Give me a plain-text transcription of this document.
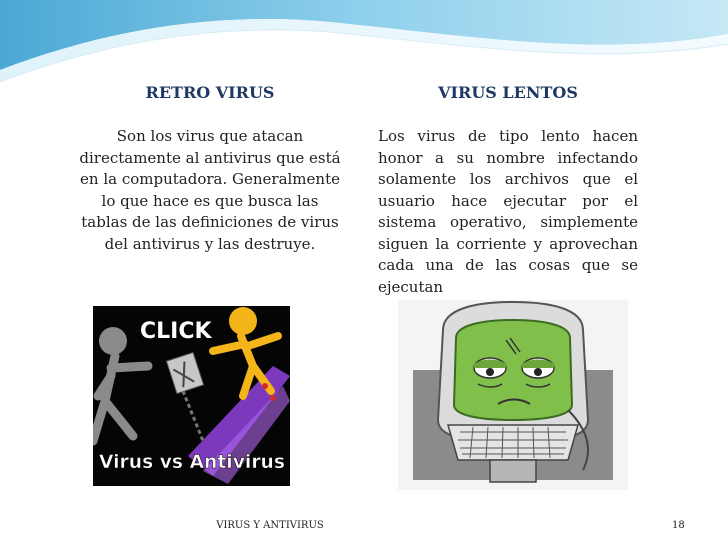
RETRO VIRUS	VIRUS LENTOS

Son los virus que atacan directamente al antivirus que está en la computadora. Generalmente lo que hace es que busca las tablas de las definiciones de virus del antivirus y las destruye.

Los virus de tipo lento hacen honor a su nombre infectando solamente los archivos que el usuario hace ejecutar por el sistema operativo, simplemente siguen la corriente y aprovechan cada una de las cosas que se ejecutan

CLICK
Virus vs Antivirus
VIRUS Y ANTIVIRUS	18
